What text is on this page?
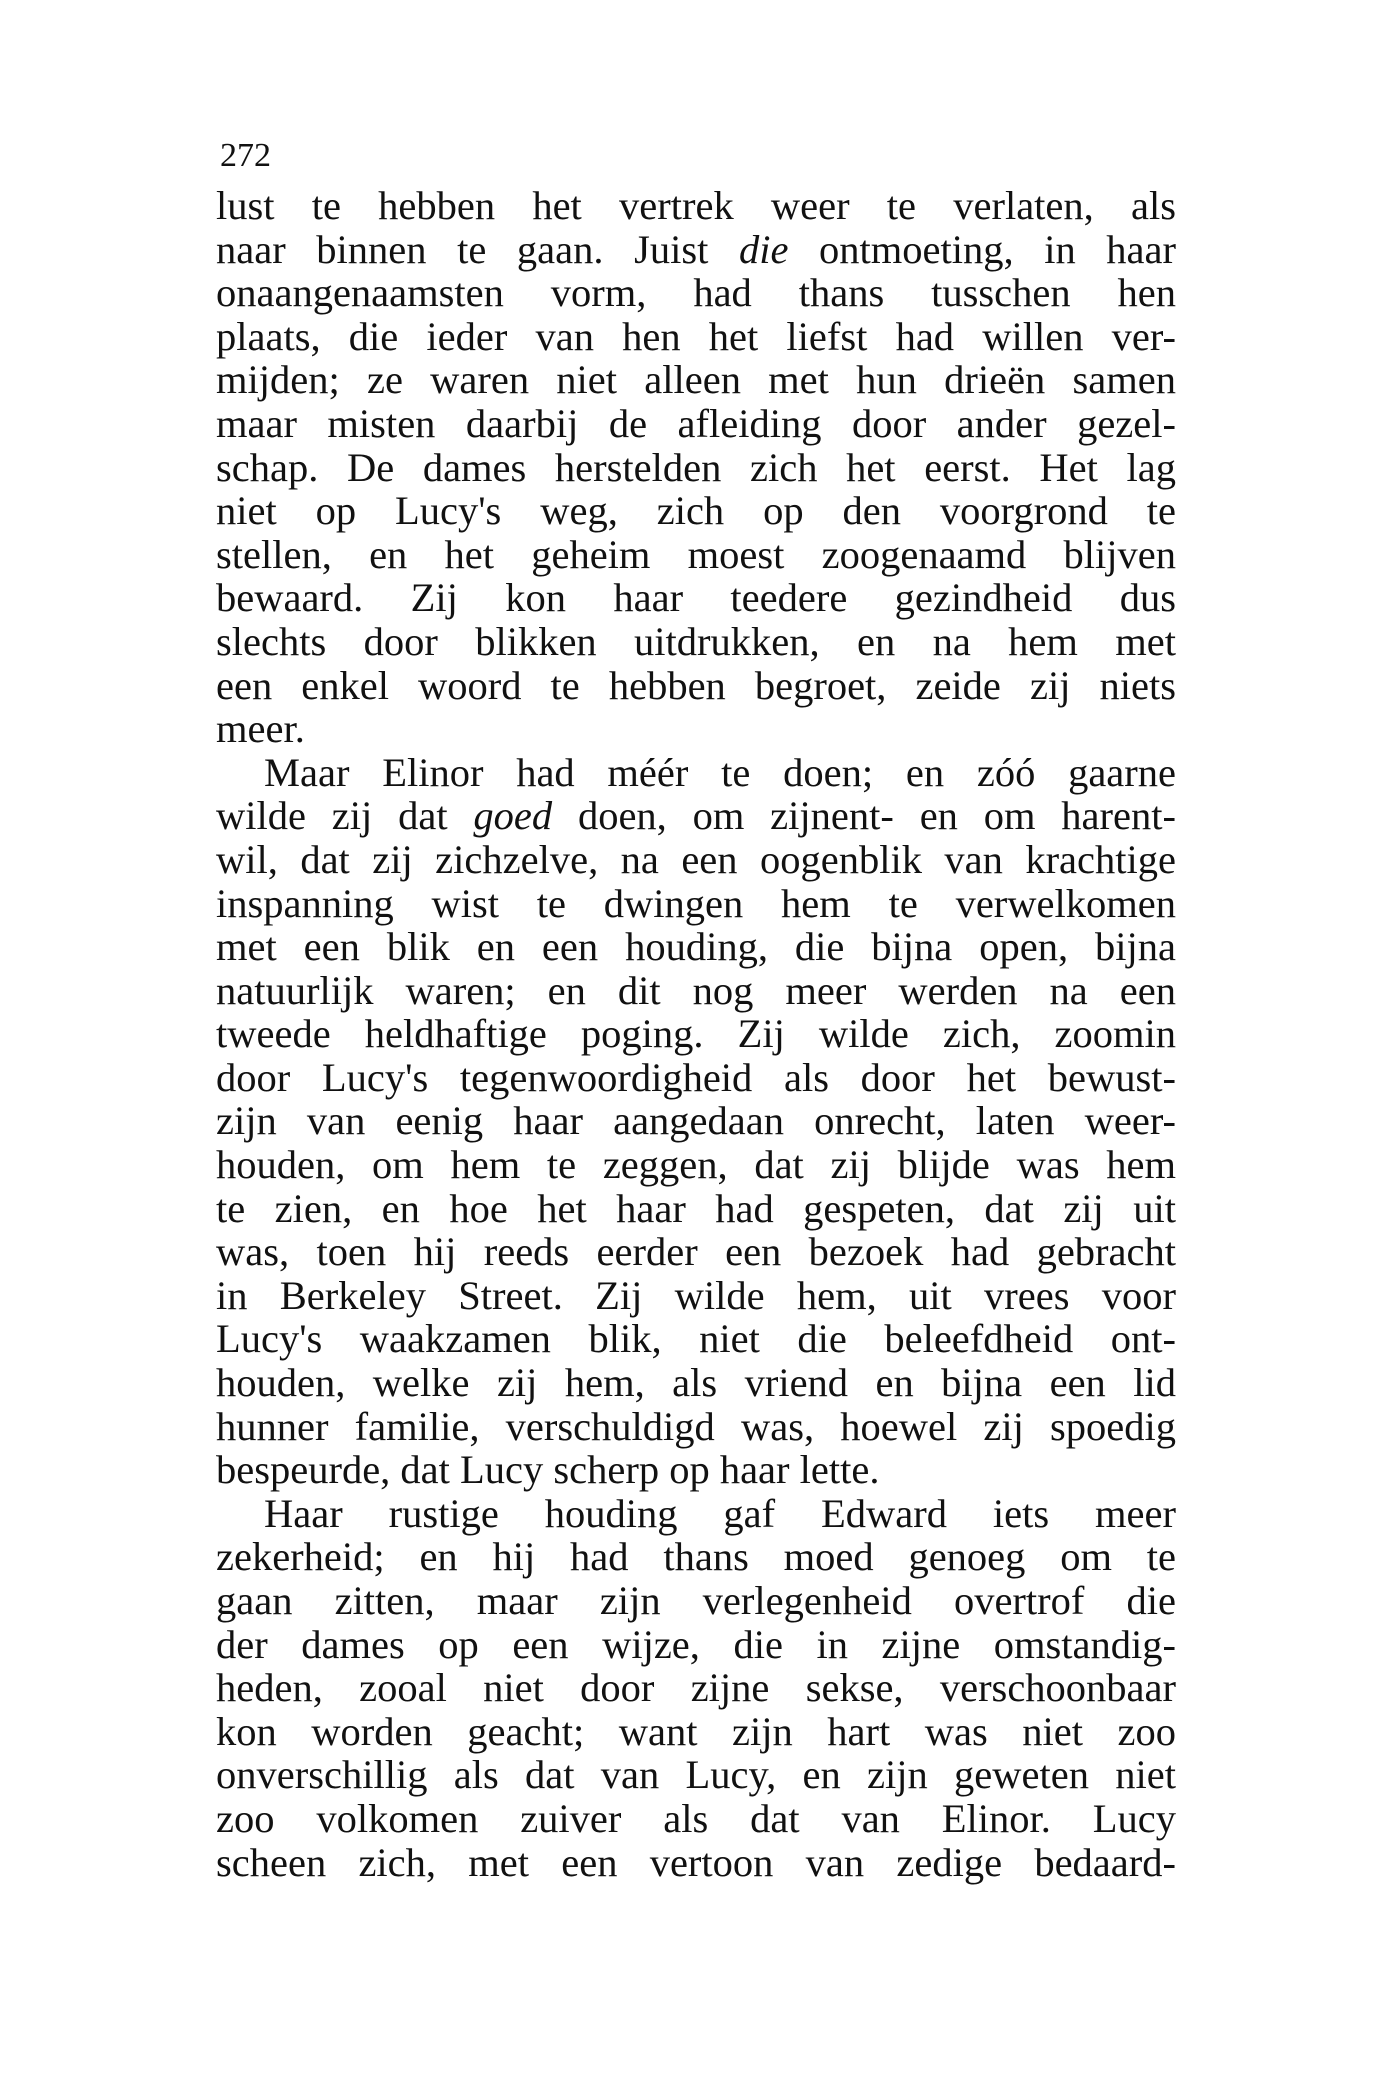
272
lust te hebben het vertrek weer te verlaten, als
naar binnen te gaan. Juist die ontmoeting, in haar
onaangenaamsten vorm, had thans tusschen hen
plaats, die ieder van hen het liefst had willen ver-
mijden; ze waren niet alleen met hun drieën samen
maar misten daarbij de afleiding door ander gezel-
schap. De dames herstelden zich het eerst. Het lag
niet op Lucy's weg, zich op den voorgrond te
stellen, en het geheim moest zoogenaamd blijven
bewaard. Zij kon haar teedere gezindheid dus
slechts door blikken uitdrukken, en na hem met
een enkel woord te hebben begroet, zeide zij niets
meer.
Maar Elinor had méér te doen; en zóó gaarne
wilde zij dat goed doen, om zijnent- en om harent-
wil, dat zij zichzelve, na een oogenblik van krachtige
inspanning wist te dwingen hem te verwelkomen
met een blik en een houding, die bijna open, bijna
natuurlijk waren; en dit nog meer werden na een
tweede heldhaftige poging. Zij wilde zich, zoomin
door Lucy's tegenwoordigheid als door het bewust-
zijn van eenig haar aangedaan onrecht, laten weer-
houden, om hem te zeggen, dat zij blijde was hem
te zien, en hoe het haar had gespeten, dat zij uit
was, toen hij reeds eerder een bezoek had gebracht
in Berkeley Street. Zij wilde hem, uit vrees voor
Lucy's waakzamen blik, niet die beleefdheid ont-
houden, welke zij hem, als vriend en bijna een lid
hunner familie, verschuldigd was, hoewel zij spoedig
bespeurde, dat Lucy scherp op haar lette.
Haar rustige houding gaf Edward iets meer
zekerheid; en hij had thans moed genoeg om te
gaan zitten, maar zijn verlegenheid overtrof die
der dames op een wijze, die in zijne omstandig-
heden, zooal niet door zijne sekse, verschoonbaar
kon worden geacht; want zijn hart was niet zoo
onverschillig als dat van Lucy, en zijn geweten niet
zoo volkomen zuiver als dat van Elinor. Lucy
scheen zich, met een vertoon van zedige bedaard-
